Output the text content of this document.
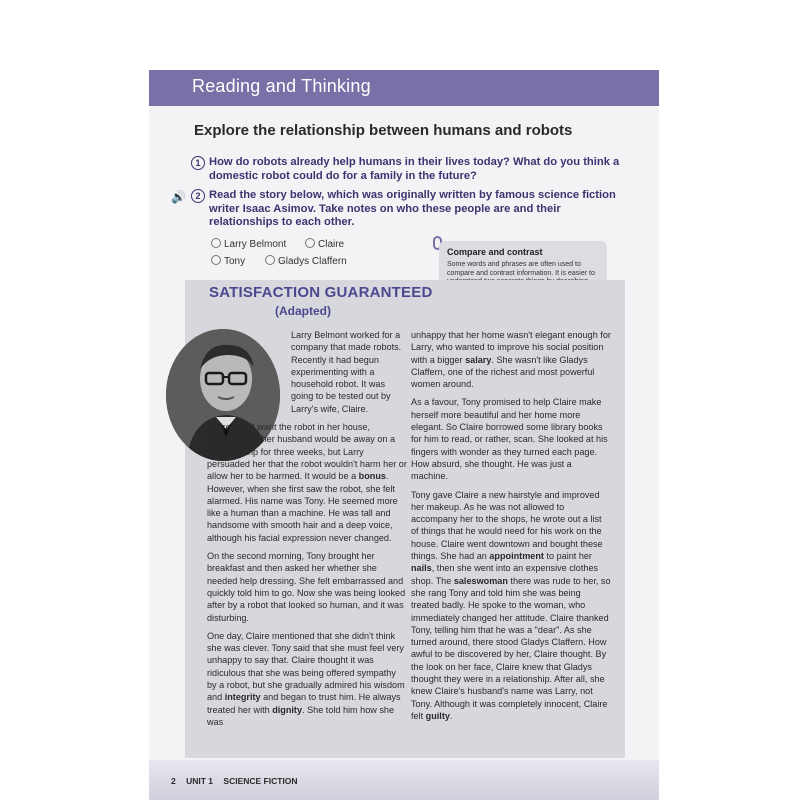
Reading and Thinking
Explore the relationship between humans and robots
1 How do robots already help humans in their lives today? What do you think a domestic robot could do for a family in the future?
🔊	2 Read the story below, which was originally written by famous science fiction writer Isaac Asimov. Take notes on who these people are and their relationships to each other.
Larry Belmont	Claire
Tony	Gladys Claffern

Compare and contrast

Some words and phrases are often used to compare and contrast information. It is easier to
SATISFACTION GUARANTEED
(Adapted)

Larry Belmont worked for a company that made robots. Recently it had begun experimenting with a household robot. It was going to be tested out by Larry's wife, Claire.

Claire didn't want the robot in her house, especially as her husband would be away on a business trip for three weeks, but Larry persuaded her that the robot wouldn't harm her or allow her to be harmed. It would be a bonus. However, when she first saw the robot, she felt alarmed. His name was Tony. He seemed more like a human than a machine. He was tall and handsome with smooth hair and a deep voice, although his facial expression never changed.

On the second morning, Tony brought her breakfast and then asked her whether she needed help dressing. She felt embarrassed and quickly told him to go. Now she was being looked after by a robot that looked so human, and it was disturbing.

One day, Claire mentioned that she didn't think she was clever. Tony said that she must feel very unhappy to say that. Claire thought it was ridiculous that she was being offered sympathy by a robot, but she gradually admired his wisdom and integrity and began to trust him. He always treated her with dignity. She told him how she was

unhappy that her home wasn't elegant enough for Larry, who wanted to improve his social position with a bigger salary. She wasn't like Gladys Claffern, one of the richest and most powerful women around.

As a favour, Tony promised to help Claire make herself more beautiful and her home more elegant. So Claire borrowed some library books for him to read, or rather, scan. She looked at his fingers with wonder as they turned each page. How absurd, she thought. He was just a machine.

Tony gave Claire a new hairstyle and improved her makeup. As he was not allowed to accompany her to the shops, he wrote out a list of things that he would need for his work on the house. Claire went downtown and bought these things. She had an appointment to paint her nails, then she went into an expensive clothes shop. The saleswoman there was rude to her, so she rang Tony and told him she was being treated badly. He spoke to the woman, who immediately changed her attitude. Claire thanked Tony, telling him that he was a "dear". As she turned around, there stood Gladys Claffern. How awful to be discovered by her, Claire thought. By the look on her face, Claire knew that Gladys thought they were in a relationship. After all, she knew Claire's husband's name was Larry, not Tony. Although it was completely innocent, Claire felt guilty.

2 UNIT 1 SCIENCE FICTION
